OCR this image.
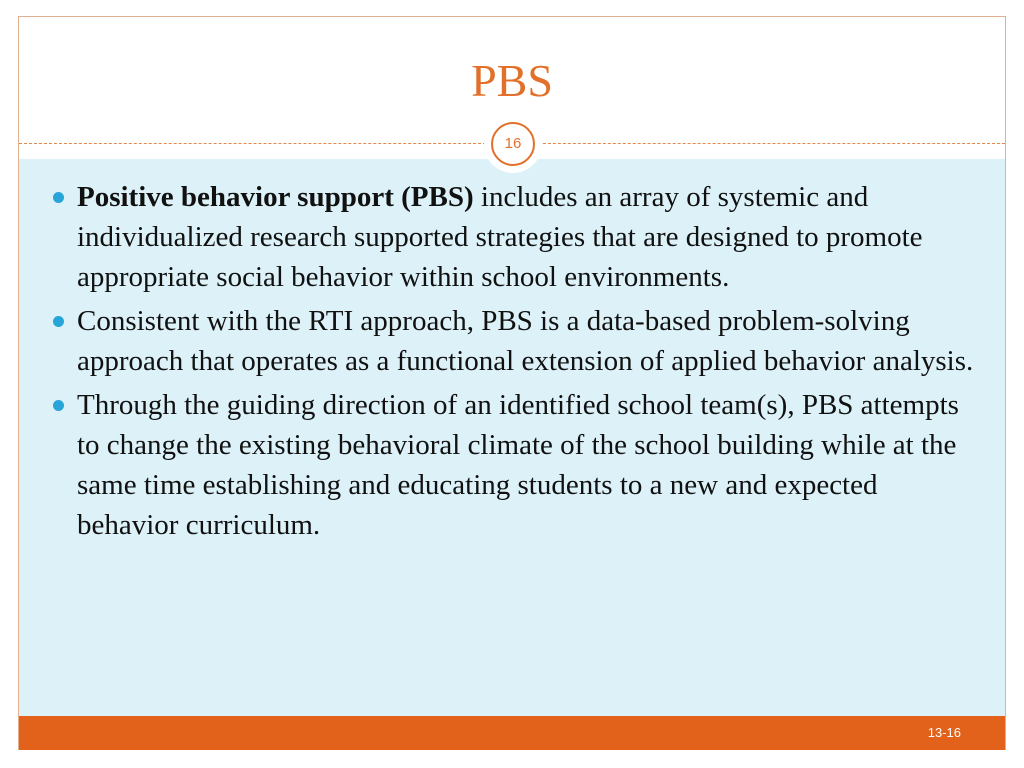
PBS
16
Positive behavior support (PBS) includes an array of systemic and individualized research supported strategies that are designed to promote appropriate social behavior within school environments.
Consistent with the RTI approach, PBS is a data-based problem-solving approach that operates as a functional extension of applied behavior analysis.
Through the guiding direction of an identified school team(s), PBS attempts to change the existing behavioral climate of the school building while at the same time establishing and educating students to a new and expected behavior curriculum.
13-16
